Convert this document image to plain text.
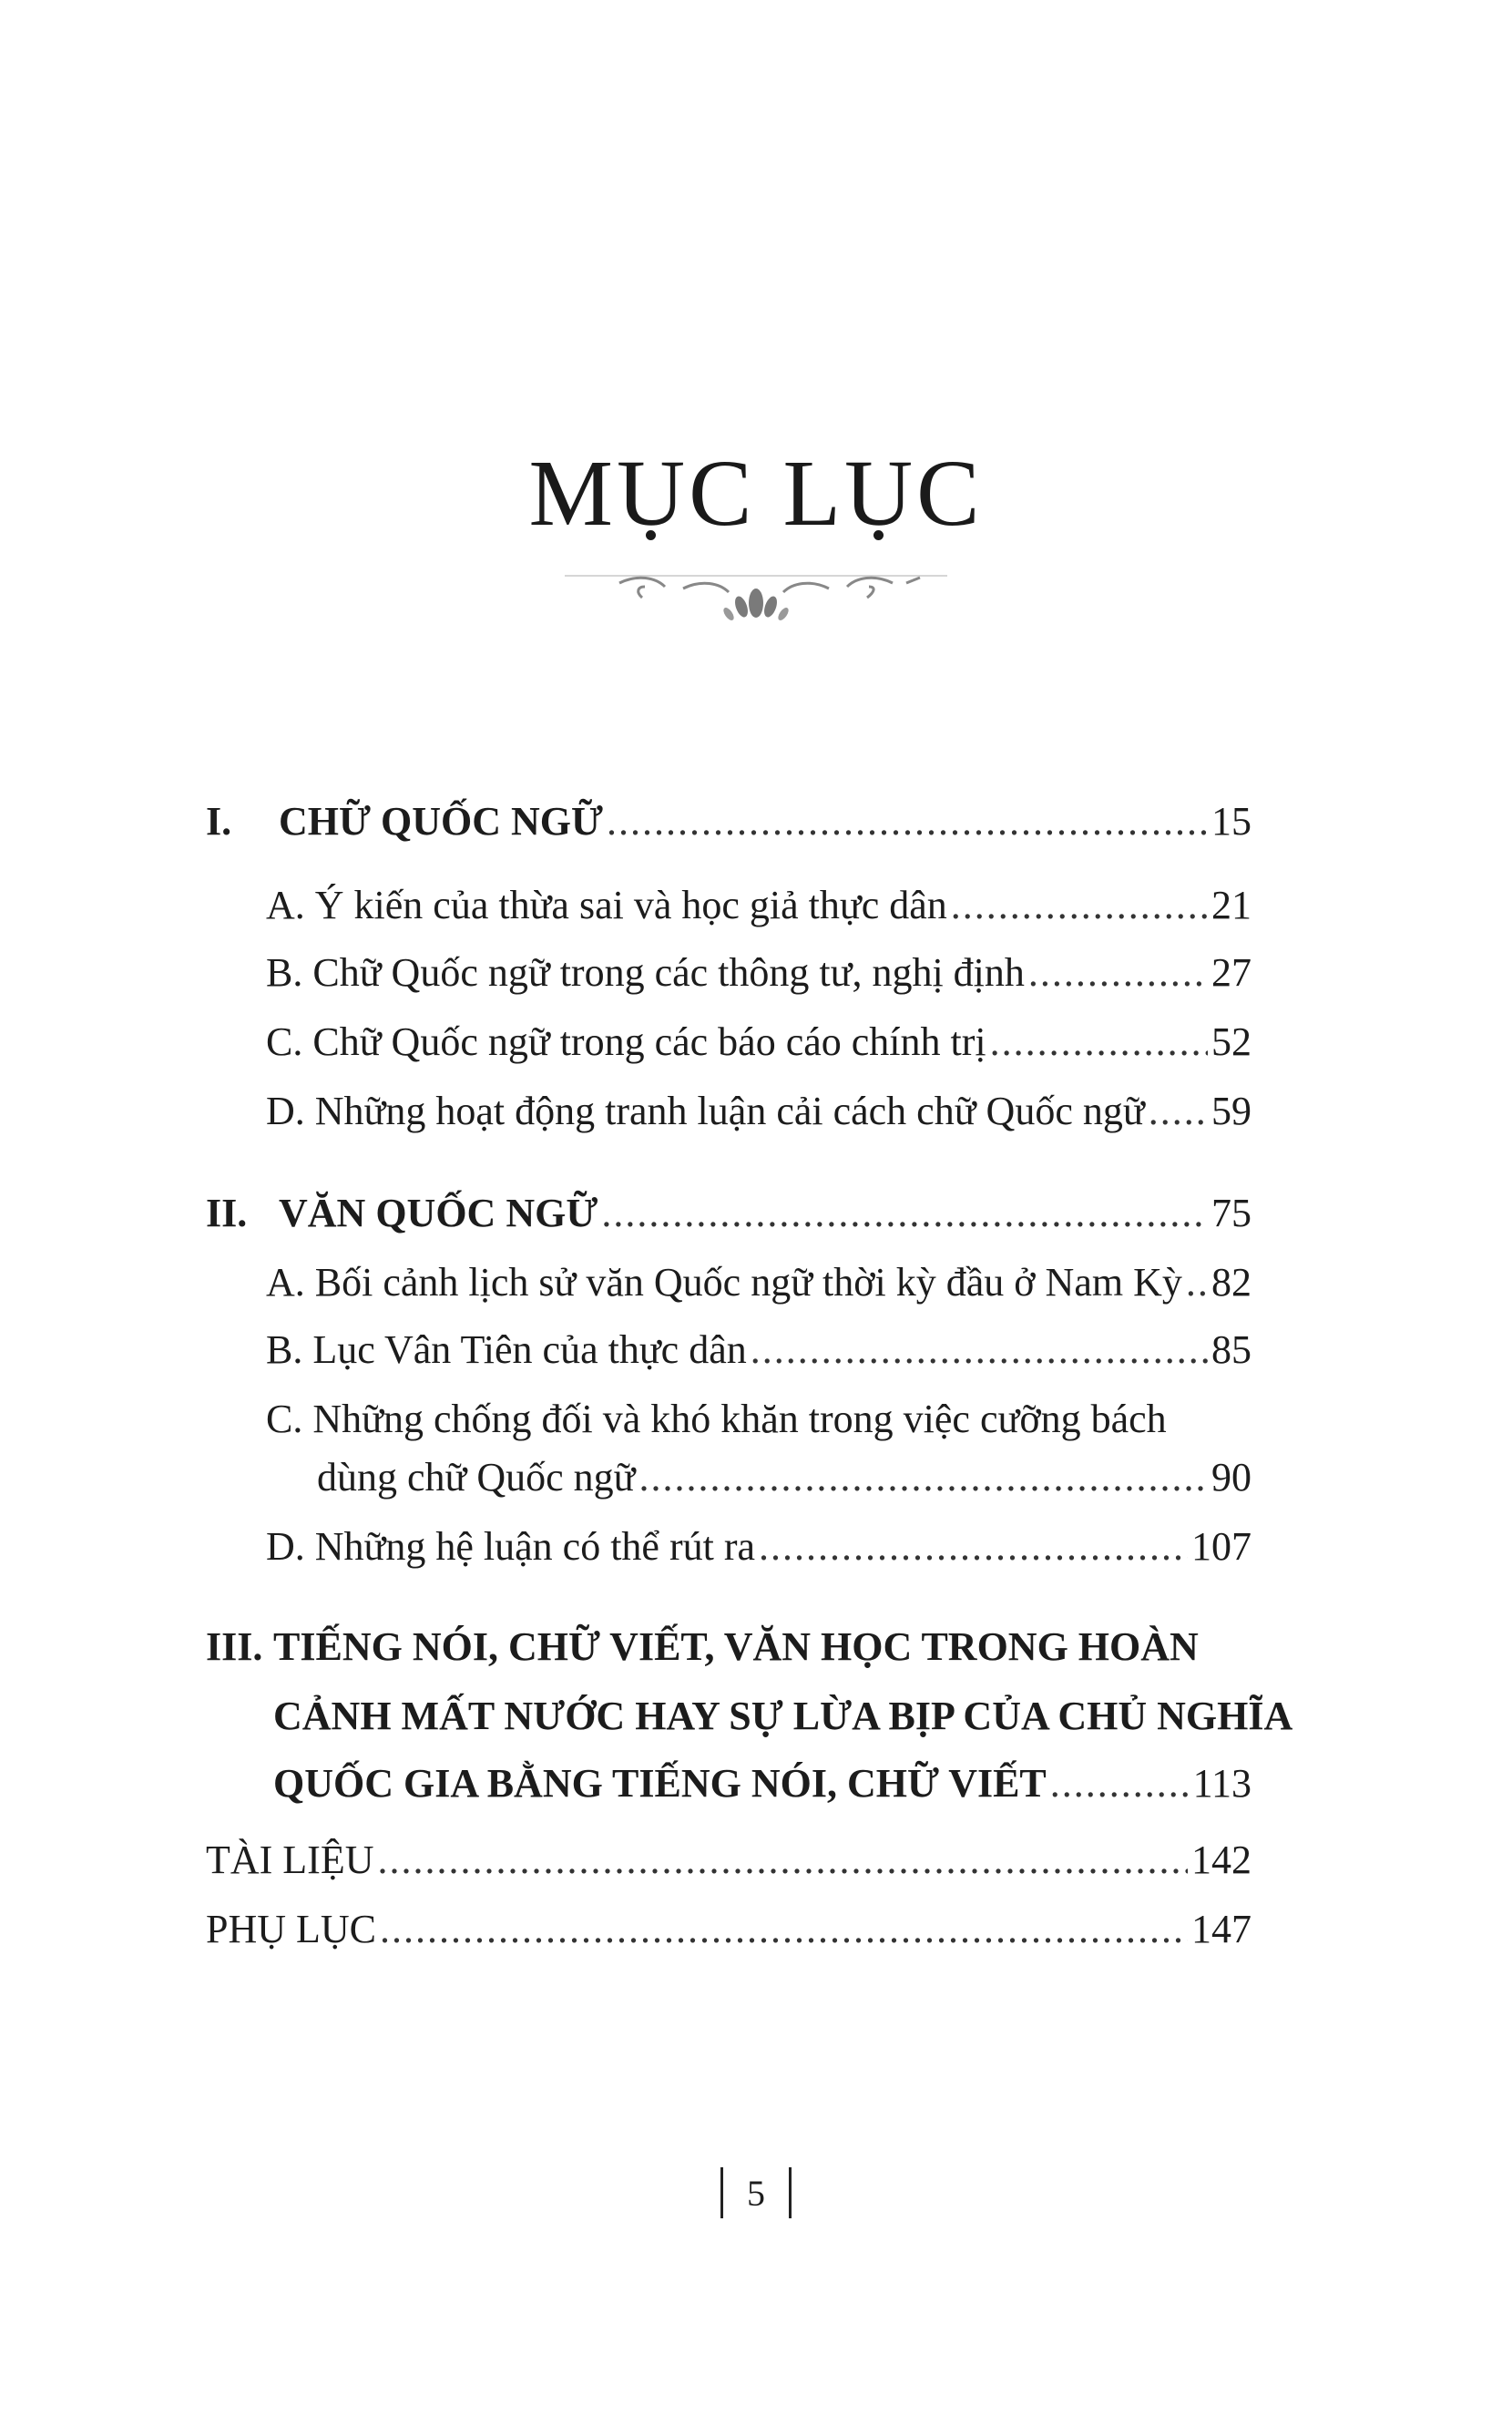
MỤC LỤC
I.	CHỮ QUỐC NGỮ .....	15
A. Ý kiến của thừa sai và học giả thực dân .....	21
B. Chữ Quốc ngữ trong các thông tư, nghị định .....	27
C. Chữ Quốc ngữ trong các báo cáo chính trị .....	52
D. Những hoạt động tranh luận cải cách chữ Quốc ngữ ..... 59
II. VĂN QUỐC NGỮ .....	75
A. Bối cảnh lịch sử văn Quốc ngữ thời kỳ đầu ở Nam Kỳ ..... 82
B. Lục Vân Tiên của thực dân .....	85
C. Những chống đối và khó khăn trong việc cưỡng bách
dùng chữ Quốc ngữ .....	90
D. Những hệ luận có thể rút ra .....	107
III. TIẾNG NÓI, CHỮ VIẾT, VĂN HỌC TRONG HOÀN
CẢNH MẤT NƯỚC HAY SỰ LỪA BỊP CỦA CHỦ NGHĨA
QUỐC GIA BẰNG TIẾNG NÓI, CHỮ VIẾT .....	113
TÀI LIỆU .....	142
PHỤ LỤC .....	147
5
